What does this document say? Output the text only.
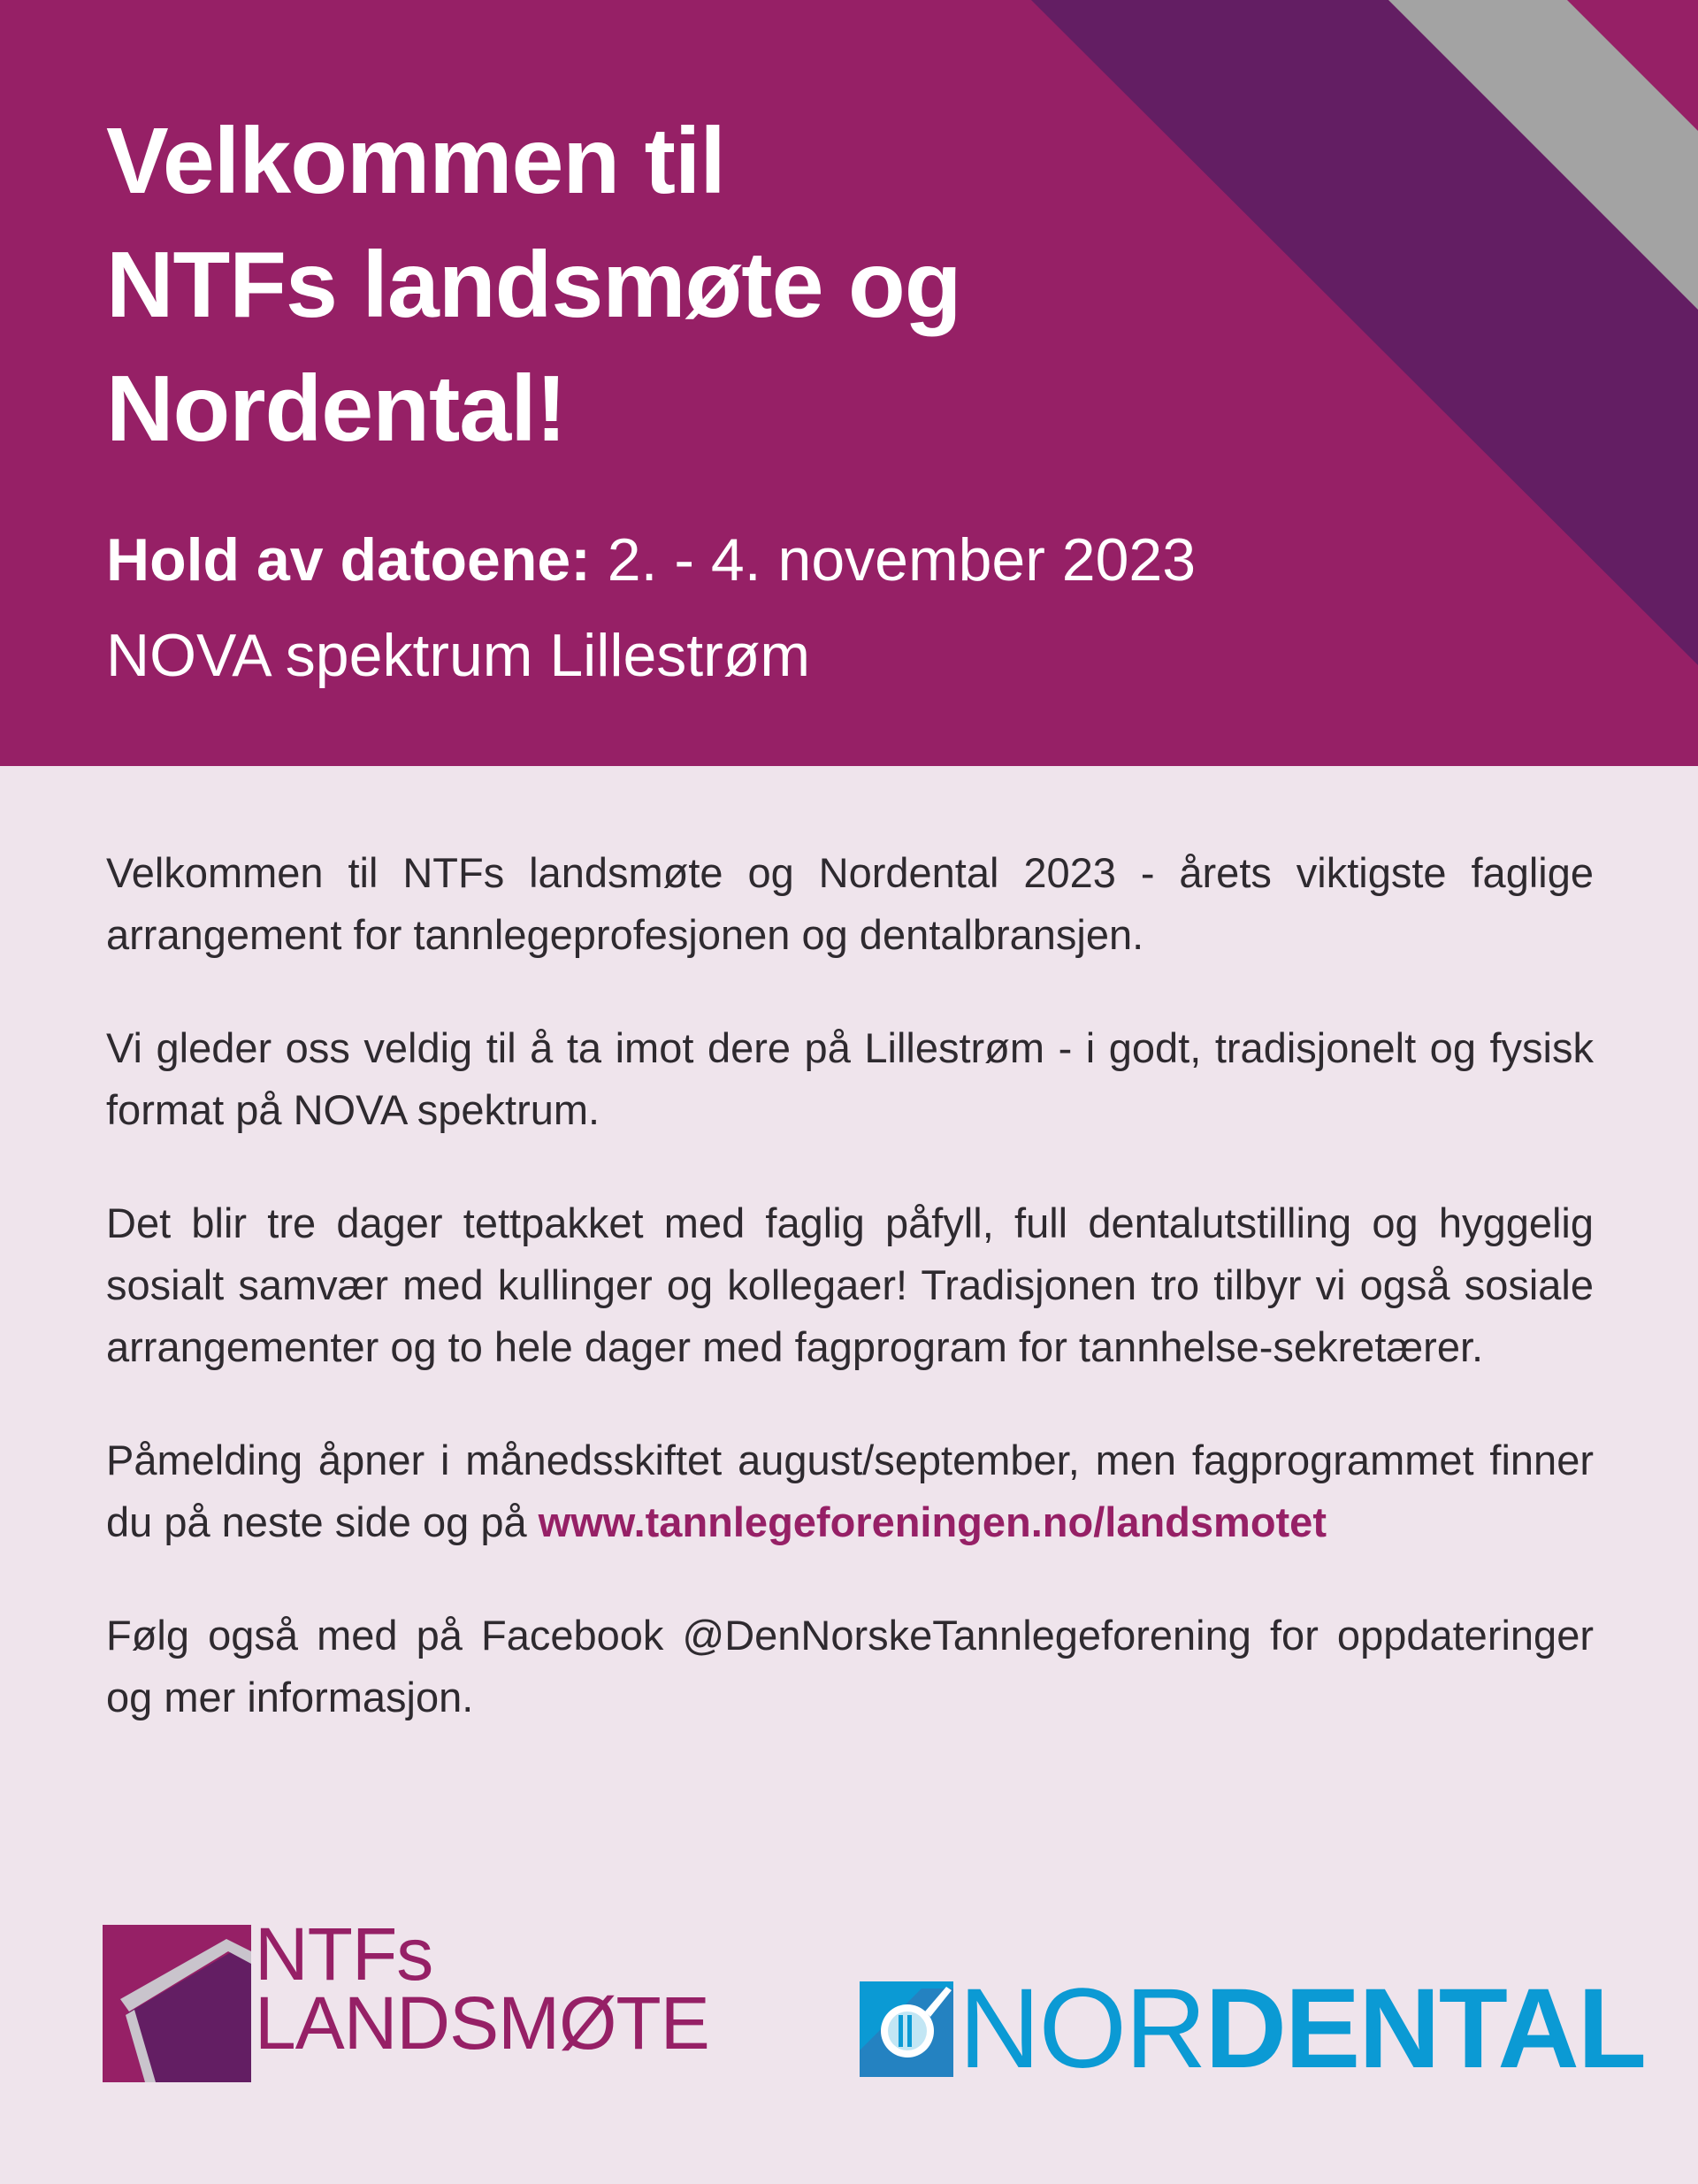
Velkommen til
NTFs landsmøte og
Nordental!

Hold av datoene: 2. - 4. november 2023

NOVA spektrum Lillestrøm

Velkommen til NTFs landsmøte og Nordental 2023 - årets viktigste faglige arrangement for tannlegeprofesjonen og dentalbransjen.

Vi gleder oss veldig til å ta imot dere på Lillestrøm - i godt, tradisjonelt og fysisk format på NOVA spektrum.

Det blir tre dager tettpakket med faglig påfyll, full dentalutstilling og hyggelig sosialt samvær med kullinger og kollegaer! Tradisjonen tro tilbyr vi også sosiale arrangementer og to hele dager med fagprogram for tannhelse-sekretærer.

Påmelding åpner i månedsskiftet august/september, men fagprogrammet finner du på neste side og på www.tannlegeforeningen.no/landsmotet

Følg også med på Facebook @DenNorskeTannlegeforening for oppdateringer og mer informasjon.

NTFs
LANDSMØTE NORDENTAL
